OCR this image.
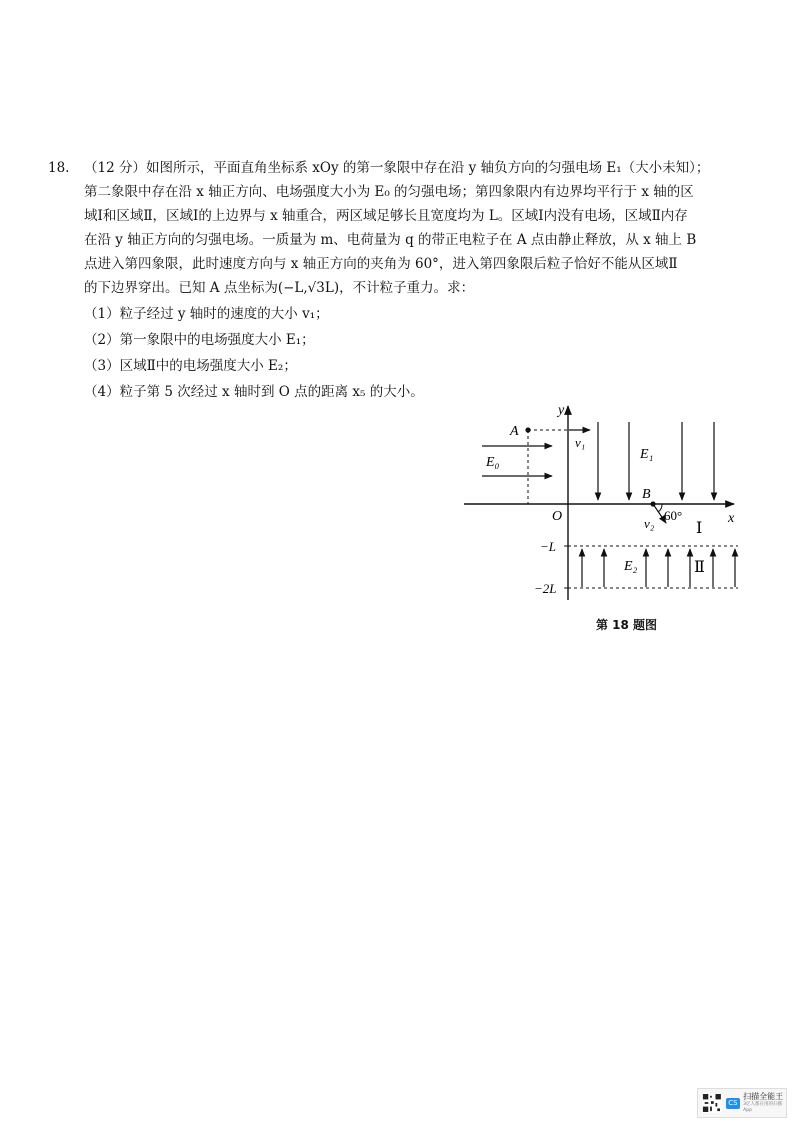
18. （12 分）如图所示，平面直角坐标系 xOy 的第一象限中存在沿 y 轴负方向的匀强电场 E₁（大小未知）；
第二象限中存在沿 x 轴正方向、电场强度大小为 E₀ 的匀强电场；第四象限内有边界均平行于 x 轴的区
域Ⅰ和区域Ⅱ，区域Ⅰ的上边界与 x 轴重合，两区域足够长且宽度均为 L。区域Ⅰ内没有电场，区域Ⅱ内存
在沿 y 轴正方向的匀强电场。一质量为 m、电荷量为 q 的带正电粒子在 A 点由静止释放，从 x 轴上 B
点进入第四象限，此时速度方向与 x 轴正方向的夹角为 60°，进入第四象限后粒子恰好不能从区域Ⅱ
的下边界穿出。已知 A 点坐标为(−L,√3L)，不计粒子重力。求：
（1）粒子经过 y 轴时的速度的大小 v₁；
（2）第一象限中的电场强度大小 E₁；
（3）区域Ⅱ中的电场强度大小 E₂；
（4）粒子第 5 次经过 x 轴时到 O 点的距离 x₅ 的大小。
y
x
O
A
B
v₁
v₂
E₀
E₁
E₂
60°
Ⅰ
Ⅱ
−L
−2L
第 18 题图
CS
扫描全能王
3亿人都在用的扫描App
